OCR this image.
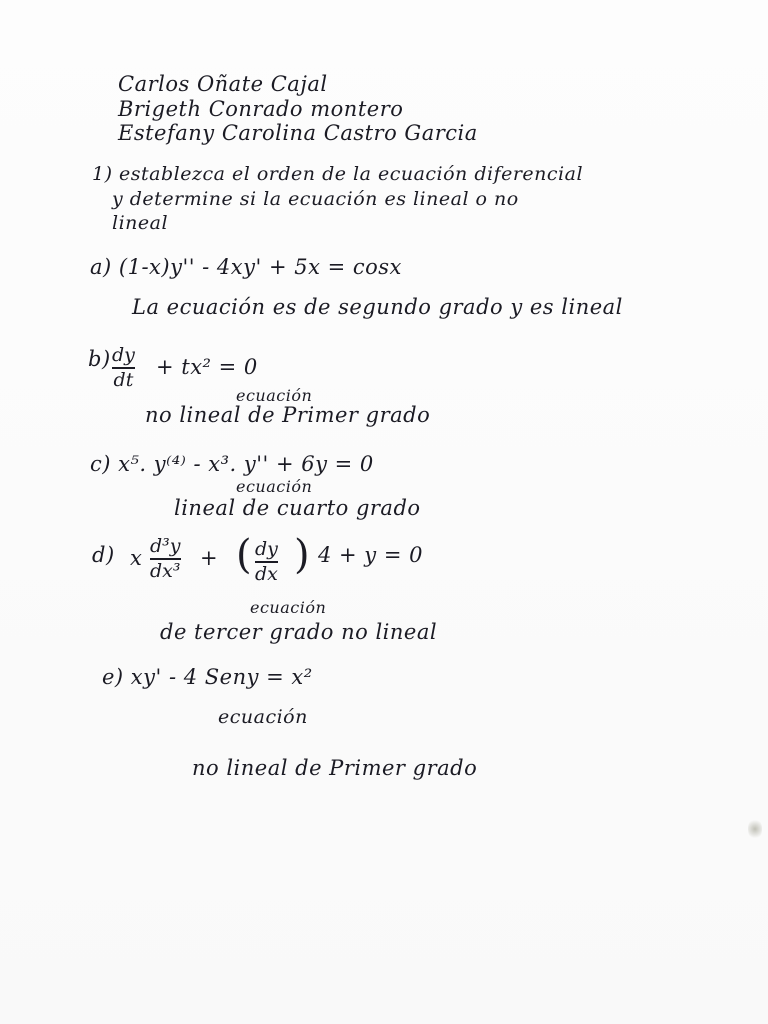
Carlos Oñate Cajal
Brigeth Conrado montero
Estefany Carolina Castro Garcia
1) establezca el orden de la ecuación diferencial
y determine si la ecuación es lineal o no
lineal
a) (1-x)y'' - 4xy' + 5x = cosx
La ecuación es de segundo grado y es lineal
b) dy
dt
+ tx² = 0
ecuación
no lineal de Primer grado
c) x⁵. y⁽⁴⁾ - x³. y'' + 6y = 0
ecuación
lineal de cuarto grado
d) x d³y
dx³
+ ( dy
dx ) 4 + y = 0
ecuación
de tercer grado no lineal
e) xy' - 4 Seny = x²
ecuación
no lineal de Primer grado
